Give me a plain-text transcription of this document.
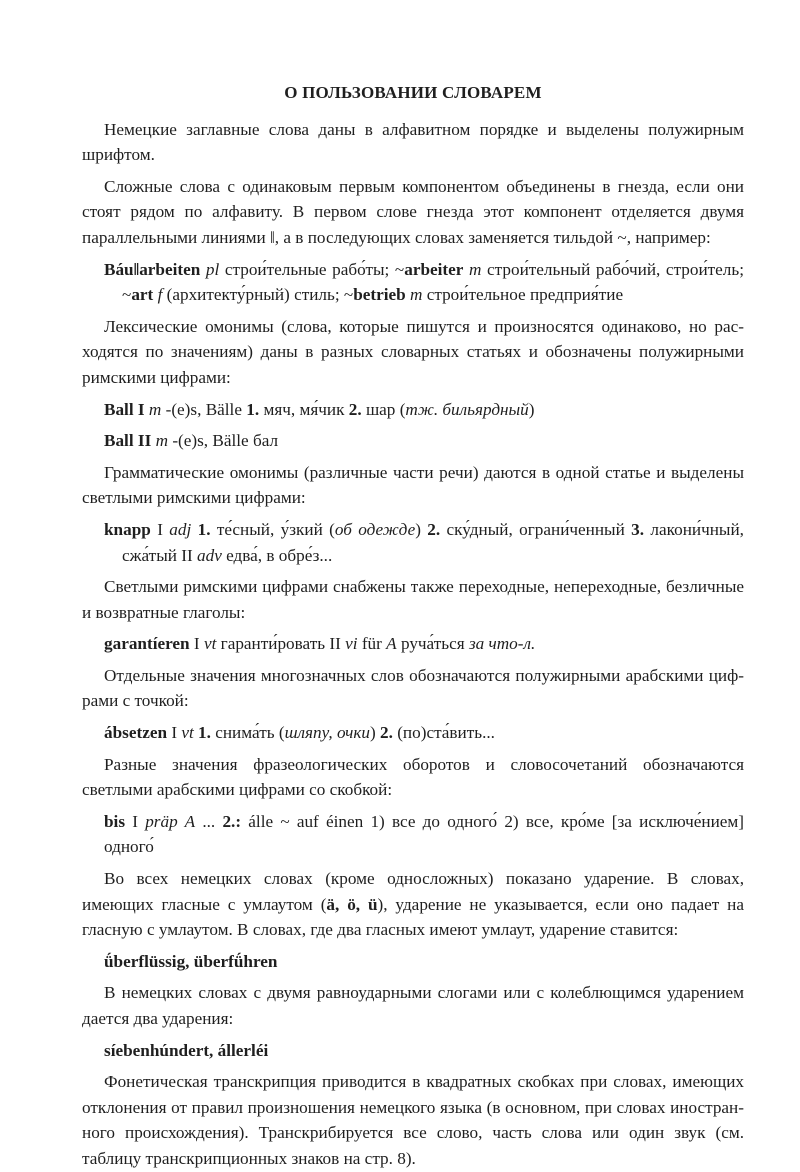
О ПОЛЬЗОВАНИИ СЛОВАРЕМ
Немецкие заглавные слова даны в алфавитном порядке и выделены полужирным шрифтом.
Сложные слова с одинаковым первым компонентом объединены в гнезда, если они стоят рядом по алфавиту. В первом слове гнезда этот компонент отделяется двумя параллельными линиями ‖, а в последующих словах заменяется тильдой ~, например:
Báu‖arbeiten pl строи́тельные рабо́ты; ~arbeiter m строи́тельный рабо́чий, строи́тель; ~art f (архитекту́рный) стиль; ~betrieb m строи́тельное предприя́тие
Лексические омонимы (слова, которые пишутся и произносятся одинаково, но расходятся по значениям) даны в разных словарных статьях и обозначены полужирными римскими цифрами:
Ball I m -(e)s, Bälle 1. мяч, мя́чик 2. шар (тж. бильярдный)
Ball II m -(e)s, Bälle бал
Грамматические омонимы (различные части речи) даются в одной статье и выделены светлыми римскими цифрами:
knapp I adj 1. те́сный, у́зкий (об одежде) 2. ску́дный, ограни́ченный 3. лакони́чный, сжа́тый II adv едва́, в обре́з...
Светлыми римскими цифрами снабжены также переходные, непереходные, безличные и возвратные глаголы:
garantíeren I vt гаранти́ровать II vi für A руча́ться за что-л.
Отдельные значения многозначных слов обозначаются полужирными арабскими цифрами с точкой:
ábsetzen I vt 1. снима́ть (шляпу, очки) 2. (по)ста́вить...
Разные значения фразеологических оборотов и словосочетаний обозначаются светлыми арабскими цифрами со скобкой:
bis I präp A ... 2.: álle ~ auf éinen 1) все до одного́ 2) все, кро́ме [за исключе́нием] одного́
Во всех немецких словах (кроме односложных) показано ударение. В словах, имеющих гласные с умлаутом (ä, ö, ü), ударение не указывается, если оно падает на гласную с умлаутом. В словах, где два гласных имеют умлаут, ударение ставится:
ǘberflüssig, überfǘhren
В немецких словах с двумя равноударными слогами или с колеблющимся ударением дается два ударения:
síebenhúndert, állerléi
Фонетическая транскрипция приводится в квадратных скобках при словах, имеющих отклонения от правил произношения немецкого языка (в основном, при словах иностранного происхождения). Транскрибируется все слово, часть слова или один звук (см. таблицу транскрипционных знаков на стр. 8).
